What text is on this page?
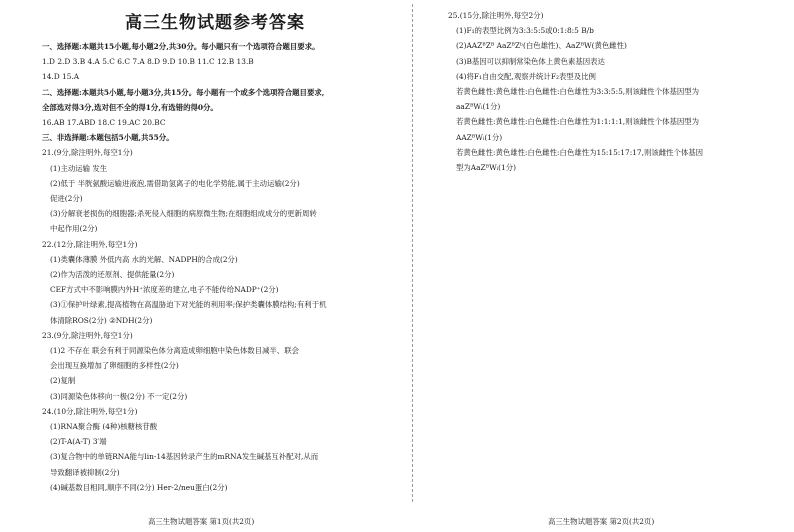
高三生物试题参考答案
一、选择题:本题共15小题,每小题2分,共30分。每小题只有一个选项符合题目要求。
1.D 2.D 3.B 4.A 5.C 6.C 7.A 8.D 9.D 10.B 11.C 12.B 13.B
14.D 15.A
二、选择题:本题共5小题,每小题3分,共15分。每小题有一个或多个选项符合题目要求,
全部选对得3分,选对但不全的得1分,有选错的得0分。
16.AB 17.ABD 18.C 19.AC 20.BC
三、非选择题:本题包括5小题,共55分。
21.(9分,除注明外,每空1分)
(1)主动运输 发生
(2)低于 半胱氨酸运输进液泡,需借助氢离子的电化学势能,属于主动运输(2分)
促进(2分)
(3)分解衰老损伤的细胞器;杀死侵入细胞的病原微生物;在细胞组成成分的更新周转
中起作用(2分)
22.(12分,除注明外,每空1分)
(1)类囊体薄膜 外低内高 水的光解、NADPH的合成(2分)
(2)作为活泼的还原剂、提供能量(2分)
CEF方式中不影响膜内外H⁺浓度差的建立,电子不能传给NADP⁺(2分)
(3)①保护叶绿素,提高植物在高温胁迫下对光能的利用率;保护类囊体膜结构;有利于机
体清除ROS(2分) ②NDH(2分)
23.(9分,除注明外,每空1分)
(1)2 不存在 联会有利于同源染色体分离造成卵细胞中染色体数目减半、联会
会出现互换增加了卵细胞的多样性(2分)
(2)复制
(3)同源染色体移向一极(2分) 不一定(2分)
24.(10分,除注明外,每空1分)
(1)RNA聚合酶 (4种)核糖核苷酸
(2)T-A(A-T) 3′端
(3)复合物中的单链RNA能与lin-14基因转录产生的mRNA发生碱基互补配对,从而
导致翻译被抑制(2分)
(4)碱基数目相同,顺序不同(2分) Her-2/neu蛋白(2分)
高三生物试题答案 第1页(共2页)
25.(15分,除注明外,每空2分)
(1)F₁的表型比例为3:3:5:5或0:1:8:5 B/b
(2)AAZᴮZᴮ AaZᴮZᵇ(白色雄性)、AaZᴮW(黄色雌性)
(3)B基因可以抑制常染色体上黄色素基因表达
(4)将F₁自由交配,观察并统计F₂表型及比例
若黄色雌性:黄色雄性:白色雌性:白色雄性为3:3:5:5,则该雌性个体基因型为
aaZᴮWᵢ(1分)
若黄色雌性:黄色雄性:白色雌性:白色雄性为1:1:1:1,则该雌性个体基因型为
AAZᴮWᵢ(1分)
若黄色雌性:黄色雄性:白色雌性:白色雄性为15:15:17:17,则该雌性个体基因
型为AaZᴮWᵢ(1分)
高三生物试题答案 第2页(共2页)
